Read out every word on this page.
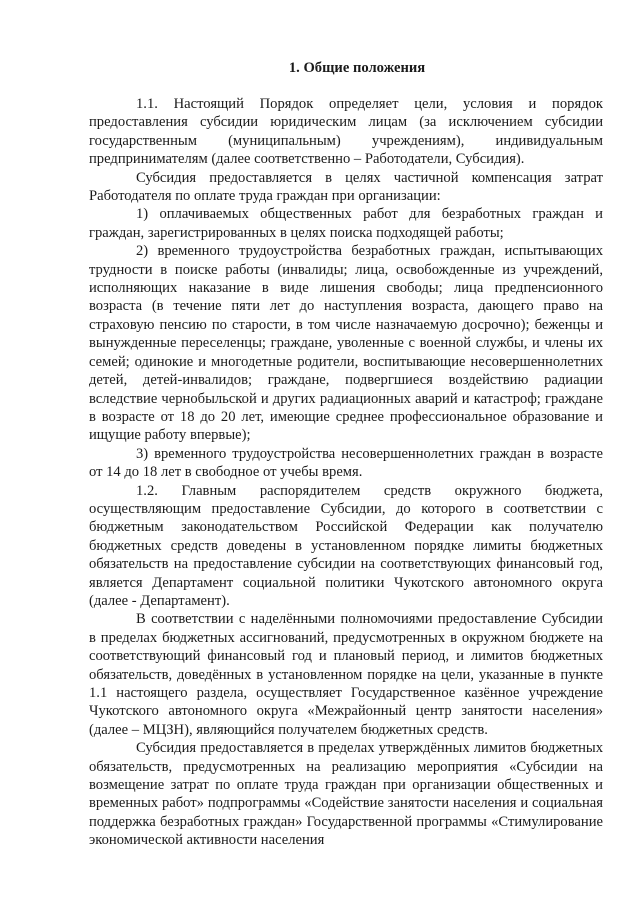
1. Общие положения

1.1. Настоящий Порядок определяет цели, условия и порядок предоставления субсидии юридическим лицам (за исключением субсидии государственным (муниципальным) учреждениям), индивидуальным предпринимателям (далее соответственно – Работодатели, Субсидия).

Субсидия предоставляется в целях частичной компенсация затрат Работодателя по оплате труда граждан при организации:

1) оплачиваемых общественных работ для безработных граждан и граждан, зарегистрированных в целях поиска подходящей работы;

2) временного трудоустройства безработных граждан, испытывающих трудности в поиске работы (инвалиды; лица, освобожденные из учреждений, исполняющих наказание в виде лишения свободы; лица предпенсионного возраста (в течение пяти лет до наступления возраста, дающего право на страховую пенсию по старости, в том числе назначаемую досрочно); беженцы и вынужденные переселенцы; граждане, уволенные с военной службы, и члены их семей; одинокие и многодетные родители, воспитывающие несовершеннолетних детей, детей-инвалидов; граждане, подвергшиеся воздействию радиации вследствие чернобыльской и других радиационных аварий и катастроф; граждане в возрасте от 18 до 20 лет, имеющие среднее профессиональное образование и ищущие работу впервые);

3) временного трудоустройства несовершеннолетних граждан в возрасте от 14 до 18 лет в свободное от учебы время.

1.2. Главным распорядителем средств окружного бюджета, осуществляющим предоставление Субсидии, до которого в соответствии с бюджетным законодательством Российской Федерации как получателю бюджетных средств доведены в установленном порядке лимиты бюджетных обязательств на предоставление субсидии на соответствующих финансовый год, является Департамент социальной политики Чукотского автономного округа (далее - Департамент).

В соответствии с наделёнными полномочиями предоставление Субсидии в пределах бюджетных ассигнований, предусмотренных в окружном бюджете на соответствующий финансовый год и плановый период, и лимитов бюджетных обязательств, доведённых в установленном порядке на цели, указанные в пункте 1.1 настоящего раздела, осуществляет Государственное казённое учреждение Чукотского автономного округа «Межрайонный центр занятости населения» (далее – МЦЗН), являющийся получателем бюджетных средств.

Субсидия предоставляется в пределах утверждённых лимитов бюджетных обязательств, предусмотренных на реализацию мероприятия «Субсидии на возмещение затрат по оплате труда граждан при организации общественных и временных работ» подпрограммы «Содействие занятости населения и социальная поддержка безработных граждан» Государственной программы «Стимулирование экономической активности населения
